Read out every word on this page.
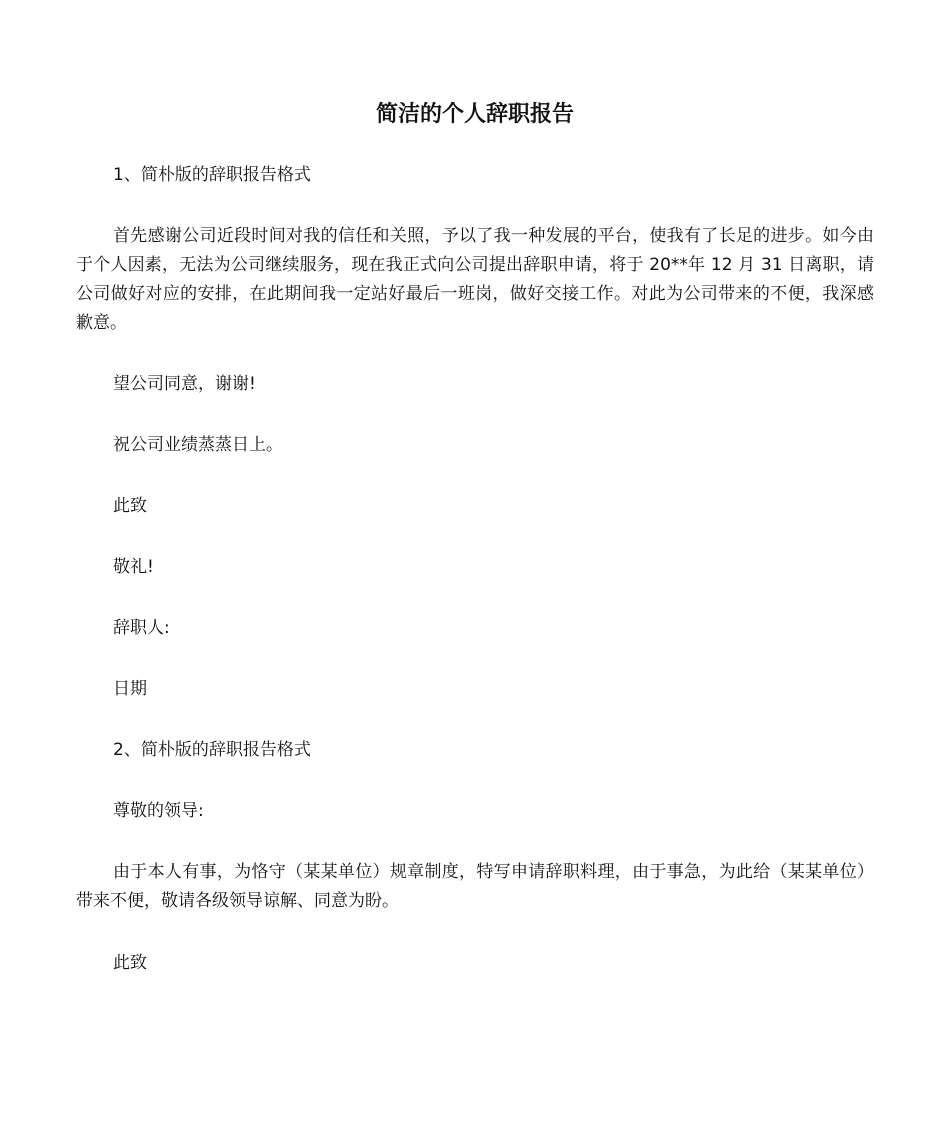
简洁的个人辞职报告

1、简朴版的辞职报告格式

首先感谢公司近段时间对我的信任和关照，予以了我一种发展的平台，使我有了长足的进步。如今由于个人因素，无法为公司继续服务，现在我正式向公司提出辞职申请，将于 20**年 12 月 31 日离职，请公司做好对应的安排，在此期间我一定站好最后一班岗，做好交接工作。对此为公司带来的不便，我深感歉意。

望公司同意，谢谢!

祝公司业绩蒸蒸日上。

此致

敬礼!

辞职人:

日期

2、简朴版的辞职报告格式

尊敬的领导:

由于本人有事，为恪守（某某单位）规章制度，特写申请辞职料理，由于事急，为此给（某某单位）带来不便，敬请各级领导谅解、同意为盼。

此致
